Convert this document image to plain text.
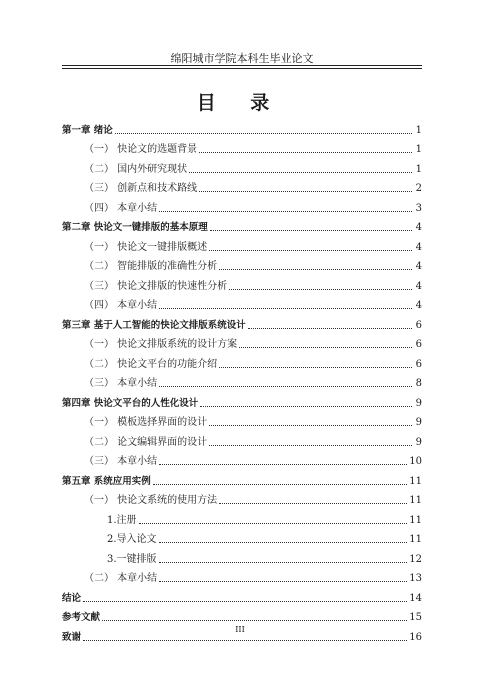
绵阳城市学院本科生毕业论文
目 录
第一章 绪论	1
（一） 快论文的选题背景	1
（二） 国内外研究现状	1
（三） 创新点和技术路线	2
（四） 本章小结	3
第二章 快论文一键排版的基本原理	4
（一） 快论文一键排版概述	4
（二） 智能排版的准确性分析	4
（三） 快论文排版的快速性分析	4
（四） 本章小结	4
第三章 基于人工智能的快论文排版系统设计	6
（一） 快论文排版系统的设计方案	6
（二） 快论文平台的功能介绍	6
（三） 本章小结	8
第四章 快论文平台的人性化设计	9
（一） 模板选择界面的设计	9
（二） 论文编辑界面的设计	9
（三） 本章小结	10
第五章 系统应用实例	11
（一） 快论文系统的使用方法	11
1.注册	11
2.导入论文	11
3.一键排版	12
（二） 本章小结	13
结论	14
参考文献	15
致谢	16
III
